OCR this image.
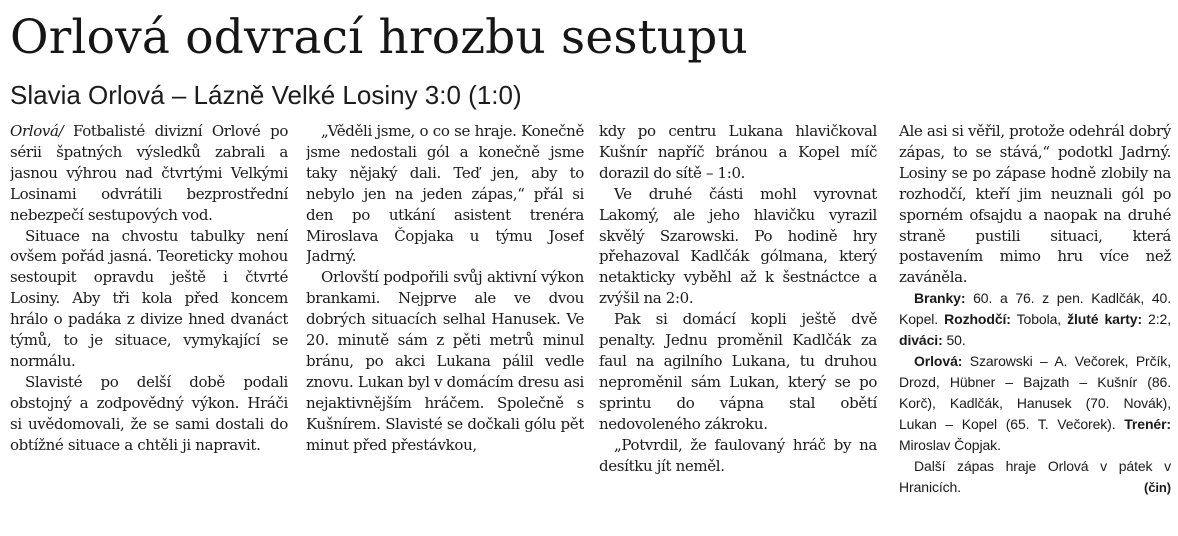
Orlová odvrací hrozbu sestupu
Slavia Orlová – Lázně Velké Losiny 3:0 (1:0)

Orlová/ Fotbalisté divizní Orlové po sérii špatných výsledků zabrali a jasnou výhrou nad čtvrtými Velkými Losinami odvrátili bezprostřední nebezpečí sestupových vod.

Situace na chvostu tabulky není ovšem pořád jasná. Teoreticky mohou sestoupit opravdu ještě i čtvrté Losiny. Aby tři kola před koncem hrálo o padáka z divize hned dvanáct týmů, to je situace, vymykající se normálu.

Slavisté po delší době podali obstojný a zodpovědný výkon. Hráči si uvědomovali, že se sami dostali do obtížné situace a chtěli ji napravit.

„Věděli jsme, o co se hraje. Konečně jsme nedostali gól a konečně jsme taky nějaký dali. Teď jen, aby to nebylo jen na jeden zápas,“ přál si den po utkání asistent trenéra Miroslava Čopjaka u týmu Josef Jadrný.

Orlovští podpořili svůj aktivní výkon brankami. Nejprve ale ve dvou dobrých situacích selhal Hanusek. Ve 20. minutě sám z pěti metrů minul bránu, po akci Lukana pálil vedle znovu. Lukan byl v domácím dresu asi nejaktivnějším hráčem. Společně s Kušnírem. Slavisté se dočkali gólu pět minut před přestávkou,

kdy po centru Lukana hlavičkoval Kušnír napříč bránou a Kopel míč dorazil do sítě – 1:0.

Ve druhé části mohl vyrovnat Lakomý, ale jeho hlavičku vyrazil skvělý Szarowski. Po hodině hry přehazoval Kadlčák gólmana, který netakticky vyběhl až k šestnáctce a zvýšil na 2:0.

Pak si domácí kopli ještě dvě penalty. Jednu proměnil Kadlčák za faul na agilního Lukana, tu druhou neproměnil sám Lukan, který se po sprintu do vápna stal obětí nedovoleného zákroku.

„Potvrdil, že faulovaný hráč by na desítku jít neměl.

Ale asi si věřil, protože odehrál dobrý zápas, to se stává,“ podotkl Jadrný. Losiny se po zápase hodně zlobily na rozhodčí, kteří jim neuznali gól po sporném ofsajdu a naopak na druhé straně pustili situaci, která postavením mimo hru více než zaváněla.

Branky: 60. a 76. z pen. Kadlčák, 40. Kopel. Rozhodčí: Tobola, žluté karty: 2:2, diváci: 50.

Orlová: Szarowski – A. Večorek, Prčík, Drozd, Hübner – Bajzath – Kušnír (86. Korč), Kadlčák, Hanusek (70. Novák), Lukan – Kopel (65. T. Večorek). Trenér: Miroslav Čopjak.

Další zápas hraje Orlová v pátek v Hranicích.	(čin)
